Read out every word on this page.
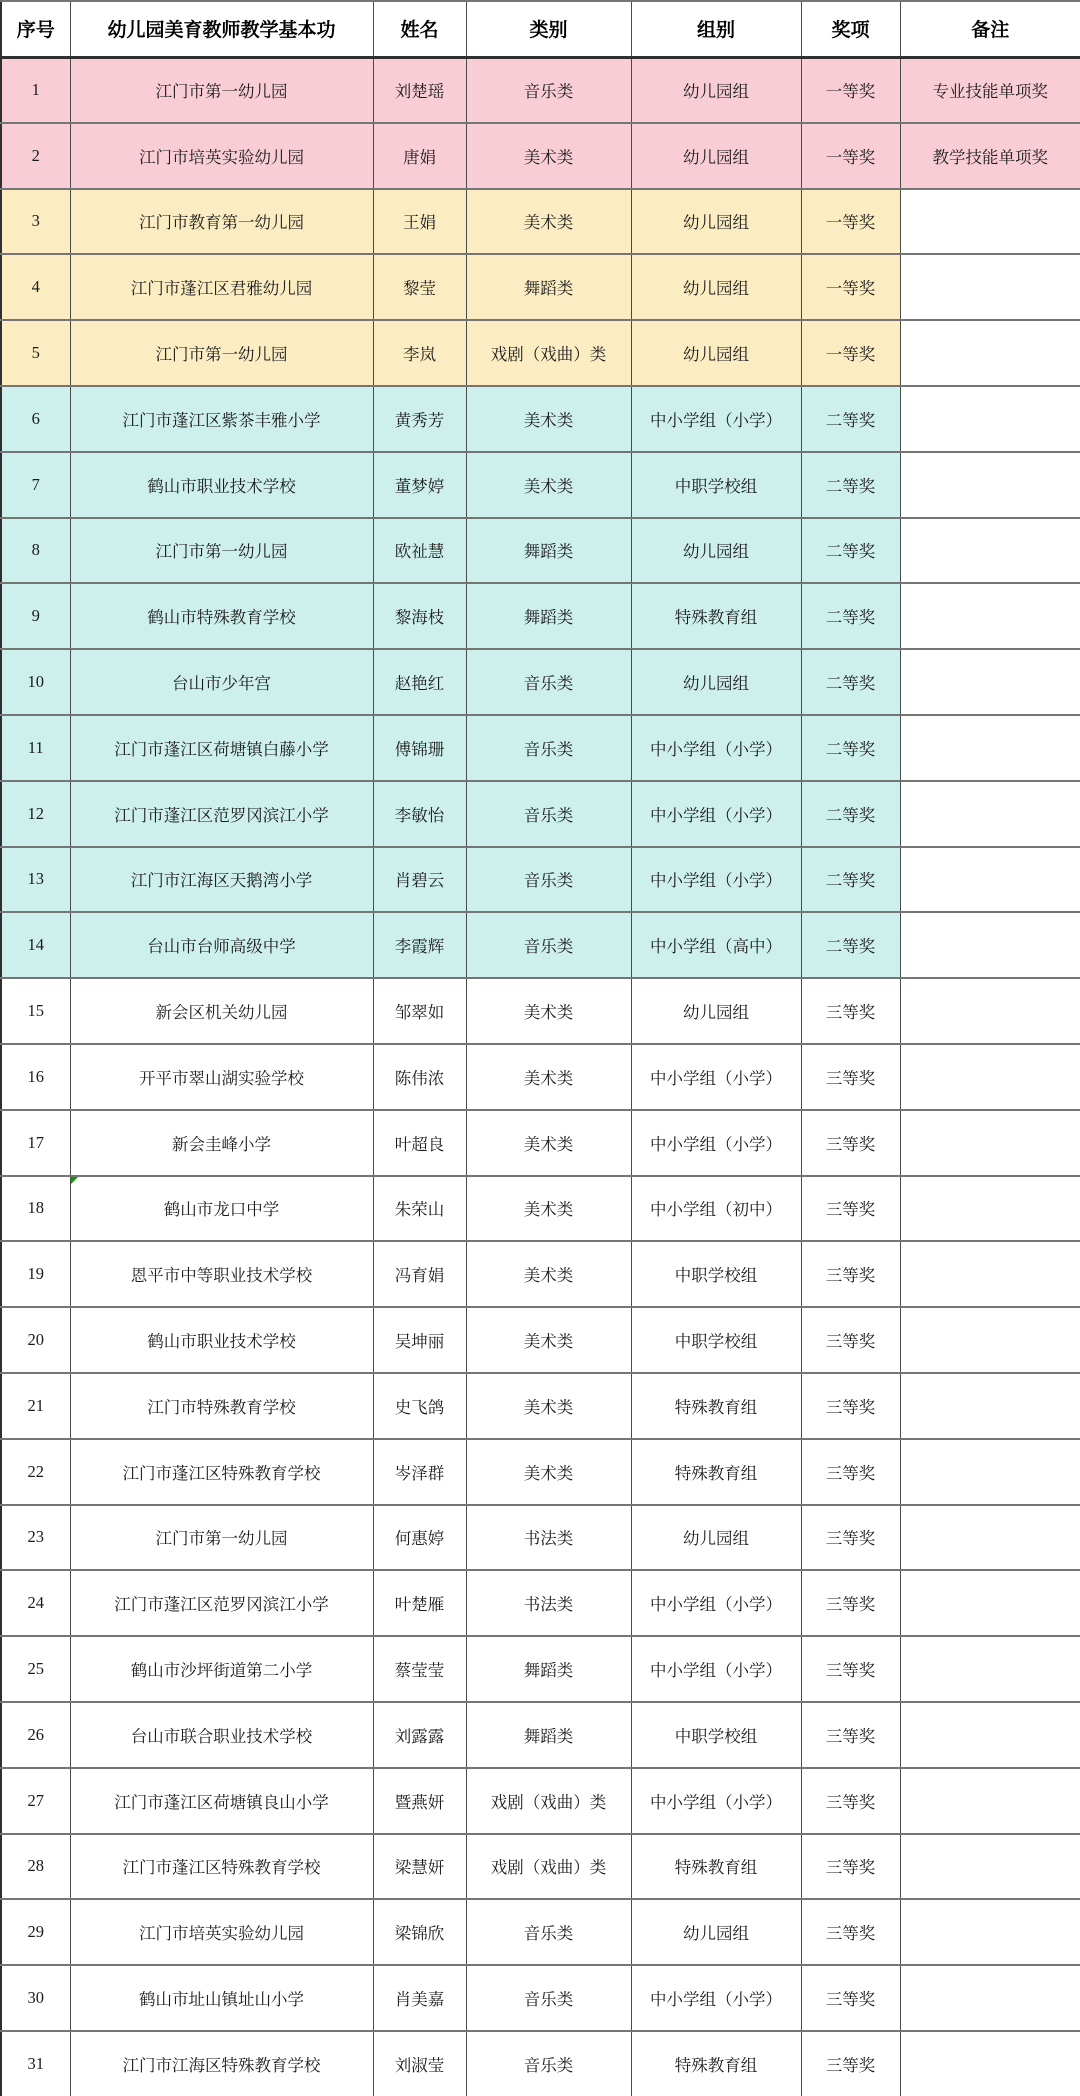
序号	幼儿园美育教师教学基本功	姓名	类别	组别	奖项	备注
1	江门市第一幼儿园	刘楚瑶	音乐类	幼儿园组	一等奖	专业技能单项奖
2	江门市培英实验幼儿园	唐娟	美术类	幼儿园组	一等奖	教学技能单项奖
3	江门市教育第一幼儿园	王娟	美术类	幼儿园组	一等奖	
4	江门市蓬江区君雅幼儿园	黎莹	舞蹈类	幼儿园组	一等奖	
5	江门市第一幼儿园	李岚	戏剧（戏曲）类	幼儿园组	一等奖	
6	江门市蓬江区紫茶丰雅小学	黄秀芳	美术类	中小学组（小学）	二等奖	
7	鹤山市职业技术学校	董梦婷	美术类	中职学校组	二等奖	
8	江门市第一幼儿园	欧祉慧	舞蹈类	幼儿园组	二等奖	
9	鹤山市特殊教育学校	黎海枝	舞蹈类	特殊教育组	二等奖	
10	台山市少年宫	赵艳红	音乐类	幼儿园组	二等奖	
11	江门市蓬江区荷塘镇白藤小学	傅锦珊	音乐类	中小学组（小学）	二等奖	
12	江门市蓬江区范罗冈滨江小学	李敏怡	音乐类	中小学组（小学）	二等奖	
13	江门市江海区天鹅湾小学	肖碧云	音乐类	中小学组（小学）	二等奖	
14	台山市台师高级中学	李霞辉	音乐类	中小学组（高中）	二等奖	
15	新会区机关幼儿园	邹翠如	美术类	幼儿园组	三等奖	
16	开平市翠山湖实验学校	陈伟浓	美术类	中小学组（小学）	三等奖	
17	新会圭峰小学	叶超良	美术类	中小学组（小学）	三等奖	
18	鹤山市龙口中学	朱荣山	美术类	中小学组（初中）	三等奖	
19	恩平市中等职业技术学校	冯育娟	美术类	中职学校组	三等奖	
20	鹤山市职业技术学校	吴坤丽	美术类	中职学校组	三等奖	
21	江门市特殊教育学校	史飞鸽	美术类	特殊教育组	三等奖	
22	江门市蓬江区特殊教育学校	岑泽群	美术类	特殊教育组	三等奖	
23	江门市第一幼儿园	何惠婷	书法类	幼儿园组	三等奖	
24	江门市蓬江区范罗冈滨江小学	叶楚雁	书法类	中小学组（小学）	三等奖	
25	鹤山市沙坪街道第二小学	蔡莹莹	舞蹈类	中小学组（小学）	三等奖	
26	台山市联合职业技术学校	刘露露	舞蹈类	中职学校组	三等奖	
27	江门市蓬江区荷塘镇良山小学	暨燕妍	戏剧（戏曲）类	中小学组（小学）	三等奖	
28	江门市蓬江区特殊教育学校	梁慧妍	戏剧（戏曲）类	特殊教育组	三等奖	
29	江门市培英实验幼儿园	梁锦欣	音乐类	幼儿园组	三等奖	
30	鹤山市址山镇址山小学	肖美嘉	音乐类	中小学组（小学）	三等奖	
31	江门市江海区特殊教育学校	刘淑莹	音乐类	特殊教育组	三等奖	
